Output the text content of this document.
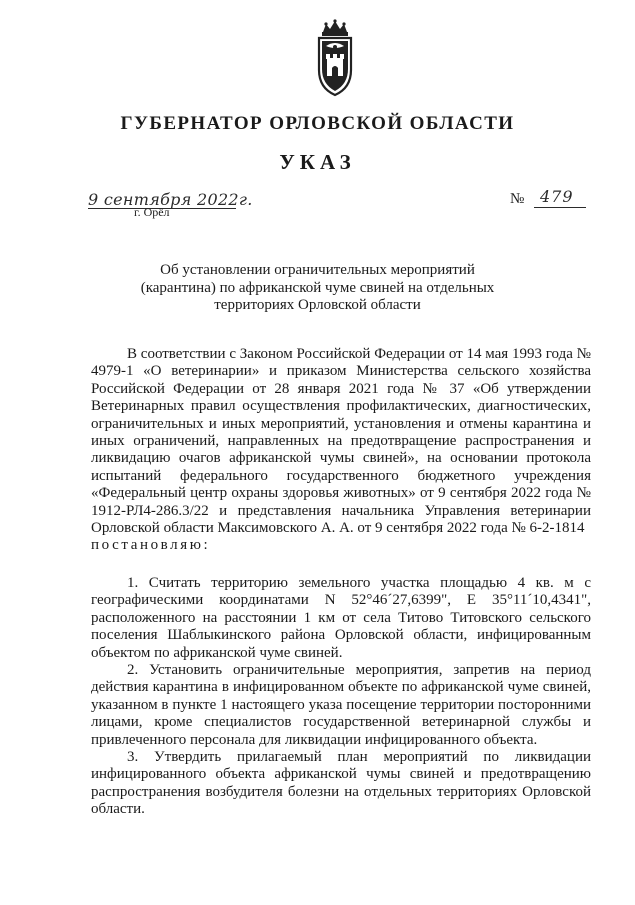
ГУБЕРНАТОР ОРЛОВСКОЙ ОБЛАСТИ
УКАЗ
9 сентября 2022г.
г. Орёл
№ 479
Об установлении ограничительных мероприятий (карантина) по африканской чуме свиней на отдельных территориях Орловской области

В соответствии с Законом Российской Федерации от 14 мая 1993 года № 4979-1 «О ветеринарии» и приказом Министерства сельского хозяйства Российской Федерации от 28 января 2021 года № 37 «Об утверждении Ветеринарных правил осуществления профилактических, диагностических, ограничительных и иных мероприятий, установления и отмены карантина и иных ограничений, направленных на предотвращение распространения и ликвидацию очагов африканской чумы свиней», на основании протокола испытаний федерального государственного бюджетного учреждения «Федеральный центр охраны здоровья животных» от 9 сентября 2022 года № 1912-РЛ4-286.3/22 и представления начальника Управления ветеринарии Орловской области Максимовского А. А. от 9 сентября 2022 года № 6-2-1814

постановляю:

1. Считать территорию земельного участка площадью 4 кв. м с географическими координатами N 52°46´27,6399", E 35°11´10,4341", расположенного на расстоянии 1 км от села Титово Титовского сельского поселения Шаблыкинского района Орловской области, инфицированным объектом по африканской чуме свиней.

2. Установить ограничительные мероприятия, запретив на период действия карантина в инфицированном объекте по африканской чуме свиней, указанном в пункте 1 настоящего указа посещение территории посторонними лицами, кроме специалистов государственной ветеринарной службы и привлеченного персонала для ликвидации инфицированного объекта.

3. Утвердить прилагаемый план мероприятий по ликвидации инфицированного объекта африканской чумы свиней и предотвращению распространения возбудителя болезни на отдельных территориях Орловской области.
